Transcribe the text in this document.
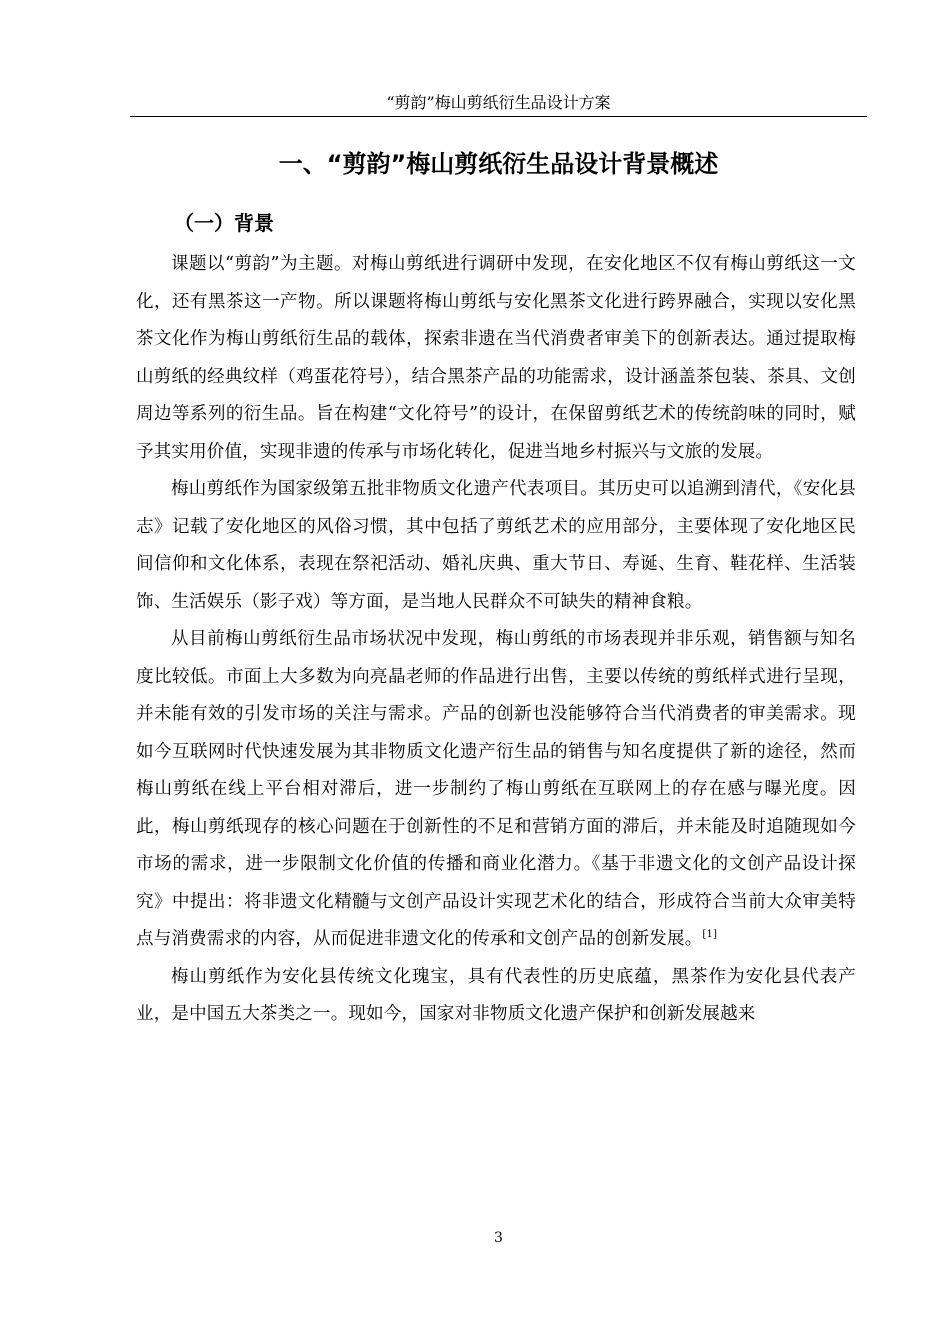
“剪韵”梅山剪纸衍生品设计方案
一、“剪韵”梅山剪纸衍生品设计背景概述
（一）背景

课题以“剪韵”为主题。对梅山剪纸进行调研中发现，在安化地区不仅有梅山剪纸这一文化，还有黑茶这一产物。所以课题将梅山剪纸与安化黑茶文化进行跨界融合，实现以安化黑茶文化作为梅山剪纸衍生品的载体，探索非遗在当代消费者审美下的创新表达。通过提取梅山剪纸的经典纹样（鸡蛋花符号），结合黑茶产品的功能需求，设计涵盖茶包装、茶具、文创周边等系列的衍生品。旨在构建“文化符号”的设计，在保留剪纸艺术的传统韵味的同时，赋予其实用价值，实现非遗的传承与市场化转化，促进当地乡村振兴与文旅的发展。

梅山剪纸作为国家级第五批非物质文化遗产代表项目。其历史可以追溯到清代，《安化县志》记载了安化地区的风俗习惯，其中包括了剪纸艺术的应用部分，主要体现了安化地区民间信仰和文化体系，表现在祭祀活动、婚礼庆典、重大节日、寿诞、生育、鞋花样、生活装饰、生活娱乐（影子戏）等方面，是当地人民群众不可缺失的精神食粮。

从目前梅山剪纸衍生品市场状况中发现，梅山剪纸的市场表现并非乐观，销售额与知名度比较低。市面上大多数为向亮晶老师的作品进行出售，主要以传统的剪纸样式进行呈现，并未能有效的引发市场的关注与需求。产品的创新也没能够符合当代消费者的审美需求。现如今互联网时代快速发展为其非物质文化遗产衍生品的销售与知名度提供了新的途径，然而梅山剪纸在线上平台相对滞后，进一步制约了梅山剪纸在互联网上的存在感与曝光度。因此，梅山剪纸现存的核心问题在于创新性的不足和营销方面的滞后，并未能及时追随现如今市场的需求，进一步限制文化价值的传播和商业化潜力。《基于非遗文化的文创产品设计探究》中提出：将非遗文化精髓与文创产品设计实现艺术化的结合，形成符合当前大众审美特点与消费需求的内容，从而促进非遗文化的传承和文创产品的创新发展。[1]

梅山剪纸作为安化县传统文化瑰宝，具有代表性的历史底蕴，黑茶作为安化县代表产业，是中国五大茶类之一。现如今，国家对非物质文化遗产保护和创新发展越来

3
